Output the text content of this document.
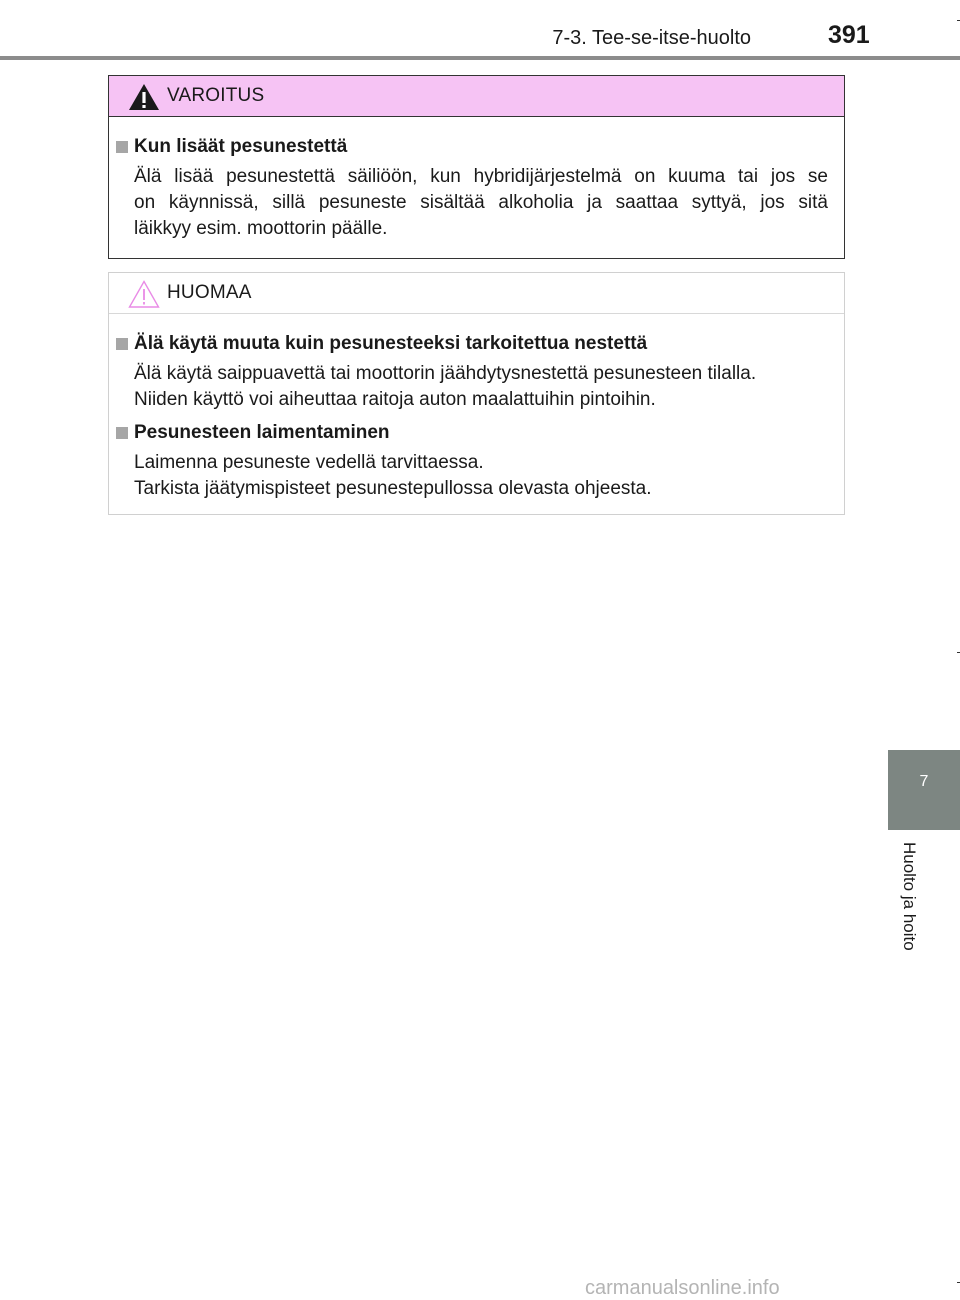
7-3. Tee-se-itse-huolto	391
VAROITUS
Kun lisäät pesunestettä
Älä lisää pesunestettä säiliöön, kun hybridijärjestelmä on kuuma tai jos se
on käynnissä, sillä pesuneste sisältää alkoholia ja saattaa syttyä, jos sitä
läikkyy esim. moottorin päälle.
HUOMAA
Älä käytä muuta kuin pesunesteeksi tarkoitettua nestettä
Älä käytä saippuavettä tai moottorin jäähdytysnestettä pesunesteen tilalla.
Niiden käyttö voi aiheuttaa raitoja auton maalattuihin pintoihin.
Pesunesteen laimentaminen
Laimenna pesuneste vedellä tarvittaessa.
Tarkista jäätymispisteet pesunestepullossa olevasta ohjeesta.
7
Huolto ja hoito
carmanualsonline.info
